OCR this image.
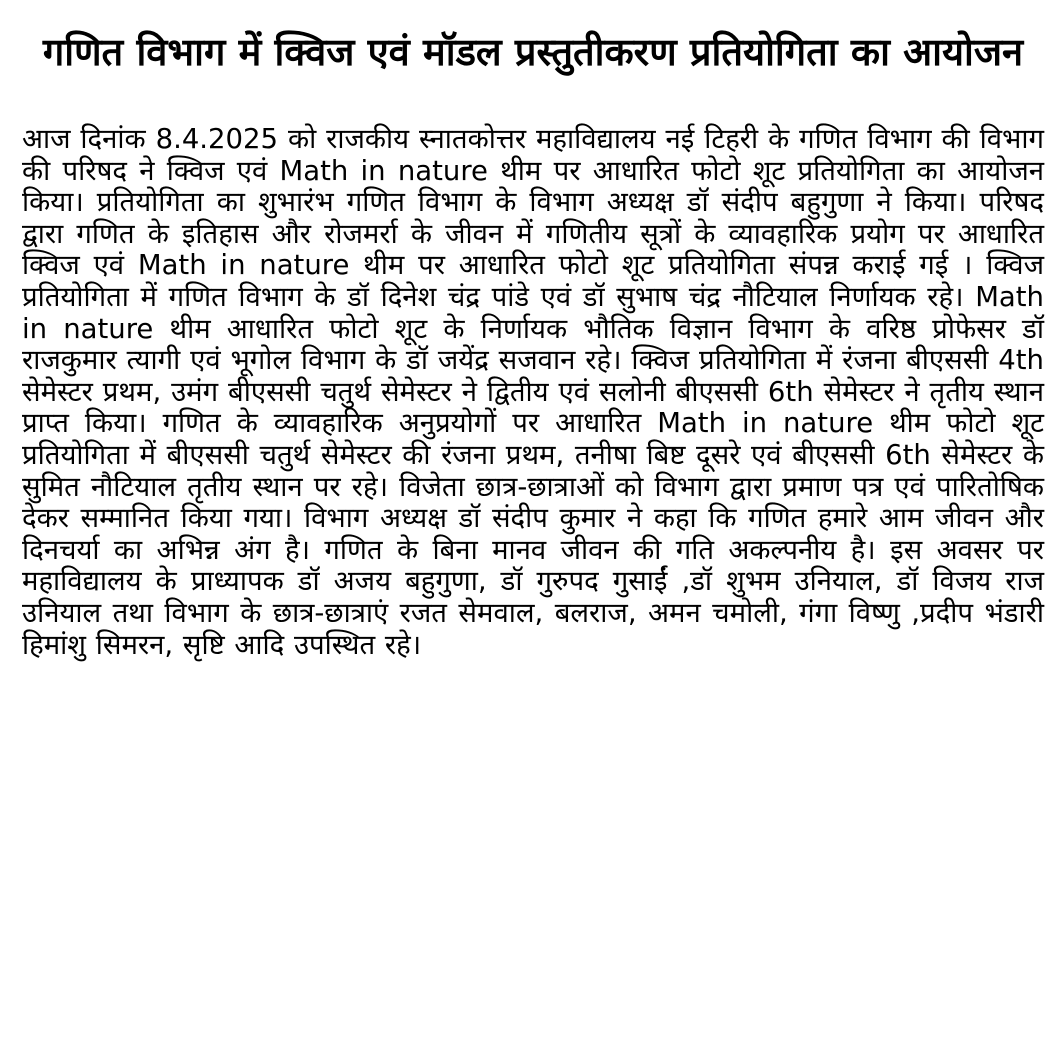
गणित विभाग में क्विज एवं मॉडल प्रस्तुतीकरण प्रतियोगिता का आयोजन

आज दिनांक 8.4.2025 को राजकीय स्नातकोत्तर महाविद्यालय नई टिहरी के गणित विभाग की विभाग की परिषद ने क्विज एवं Math in nature थीम पर आधारित फोटो शूट प्रतियोगिता का आयोजन किया। प्रतियोगिता का शुभारंभ गणित विभाग के विभाग अध्यक्ष डॉ संदीप बहुगुणा ने किया। परिषद द्वारा गणित के इतिहास और रोजमर्रा के जीवन में गणितीय सूत्रों के व्यावहारिक प्रयोग पर आधारित क्विज एवं Math in nature थीम पर आधारित फोटो शूट प्रतियोगिता संपन्न कराई गई । क्विज प्रतियोगिता में गणित विभाग के डॉ दिनेश चंद्र पांडे एवं डॉ सुभाष चंद्र नौटियाल निर्णायक रहे। Math in nature थीम आधारित फोटो शूट के निर्णायक भौतिक विज्ञान विभाग के वरिष्ठ प्रोफेसर डॉ राजकुमार त्यागी एवं भूगोल विभाग के डॉ जयेंद्र सजवान रहे। क्विज प्रतियोगिता में रंजना बीएससी 4th सेमेस्टर प्रथम, उमंग बीएससी चतुर्थ सेमेस्टर ने द्वितीय एवं सलोनी बीएससी 6th सेमेस्टर ने तृतीय स्थान प्राप्त किया। गणित के व्यावहारिक अनुप्रयोगों पर आधारित Math in nature थीम फोटो शूट प्रतियोगिता में बीएससी चतुर्थ सेमेस्टर की रंजना प्रथम, तनीषा बिष्ट दूसरे एवं बीएससी 6th सेमेस्टर के सुमित नौटियाल तृतीय स्थान पर रहे। विजेता छात्र-छात्राओं को विभाग द्वारा प्रमाण पत्र एवं पारितोषिक देकर सम्मानित किया गया। विभाग अध्यक्ष डॉ संदीप कुमार ने कहा कि गणित हमारे आम जीवन और दिनचर्या का अभिन्न अंग है। गणित के बिना मानव जीवन की गति अकल्पनीय है। इस अवसर पर महाविद्यालय के प्राध्यापक डॉ अजय बहुगुणा, डॉ गुरुपद गुसाईं ,डॉ शुभम उनियाल, डॉ विजय राज उनियाल तथा विभाग के छात्र-छात्राएं रजत सेमवाल, बलराज, अमन चमोली, गंगा विष्णु ,प्रदीप भंडारी हिमांशु सिमरन, सृष्टि आदि उपस्थित रहे।
